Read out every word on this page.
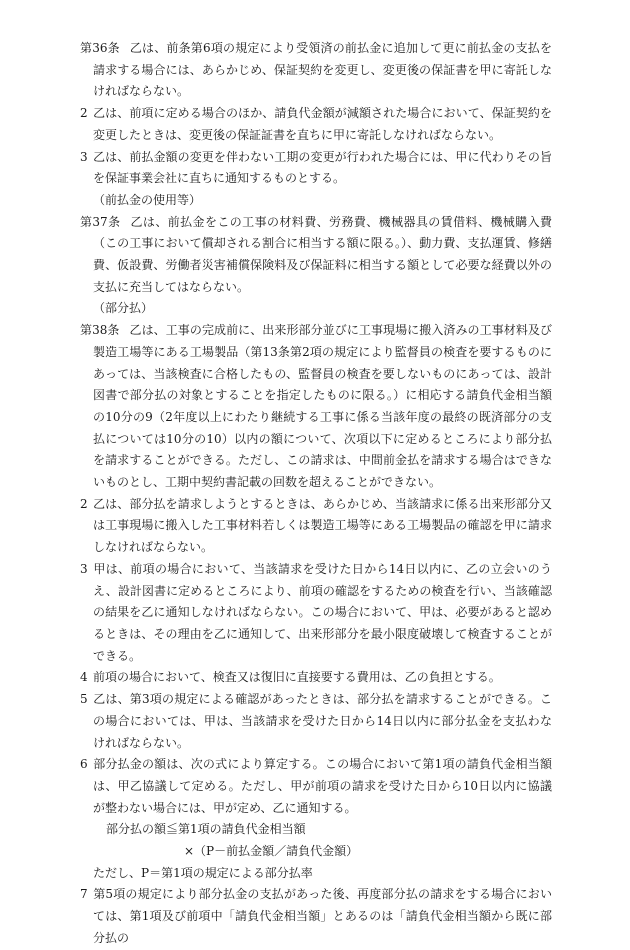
第36条 乙は、前条第6項の規定により受領済の前払金に追加して更に前払金の支払を請求する場合には、あらかじめ、保証契約を変更し、変更後の保証書を甲に寄託しなければならない。

2 乙は、前項に定める場合のほか、請負代金額が減額された場合において、保証契約を変更したときは、変更後の保証証書を直ちに甲に寄託しなければならない。

3 乙は、前払金額の変更を伴わない工期の変更が行われた場合には、甲に代わりその旨を保証事業会社に直ちに通知するものとする。

（前払金の使用等）

第37条 乙は、前払金をこの工事の材料費、労務費、機械器具の賃借料、機械購入費（この工事において償却される割合に相当する額に限る。）、動力費、支払運賃、修繕費、仮設費、労働者災害補償保険料及び保証料に相当する額として必要な経費以外の支払に充当してはならない。

（部分払）

第38条 乙は、工事の完成前に、出来形部分並びに工事現場に搬入済みの工事材料及び製造工場等にある工場製品（第13条第2項の規定により監督員の検査を要するものにあっては、当該検査に合格したもの、監督員の検査を要しないものにあっては、設計図書で部分払の対象とすることを指定したものに限る。）に相応する請負代金相当額の10分の9（2年度以上にわたり継続する工事に係る当該年度の最終の既済部分の支払については10分の10）以内の額について、次項以下に定めるところにより部分払を請求することができる。ただし、この請求は、中間前金払を請求する場合はできないものとし、工期中契約書記載の回数を超えることができない。

2 乙は、部分払を請求しようとするときは、あらかじめ、当該請求に係る出来形部分又は工事現場に搬入した工事材料若しくは製造工場等にある工場製品の確認を甲に請求しなければならない。

3 甲は、前項の場合において、当該請求を受けた日から14日以内に、乙の立会いのうえ、設計図書に定めるところにより、前項の確認をするための検査を行い、当該確認の結果を乙に通知しなければならない。この場合において、甲は、必要があると認めるときは、その理由を乙に通知して、出来形部分を最小限度破壊して検査することができる。

4 前項の場合において、検査又は復旧に直接要する費用は、乙の負担とする。

5 乙は、第3項の規定による確認があったときは、部分払を請求することができる。この場合においては、甲は、当該請求を受けた日から14日以内に部分払金を支払わなければならない。

6 部分払金の額は、次の式により算定する。この場合において第1項の請負代金相当額は、甲乙協議して定める。ただし、甲が前項の請求を受けた日から10日以内に協議が整わない場合には、甲が定め、乙に通知する。

部分払の額≦第1項の請負代金相当額

×（P－前払金額／請負代金額）

ただし、P＝第1項の規定による部分払率

7 第5項の規定により部分払金の支払があった後、再度部分払の請求をする場合においては、第1項及び前項中「請負代金相当額」とあるのは「請負代金相当額から既に部分払の
